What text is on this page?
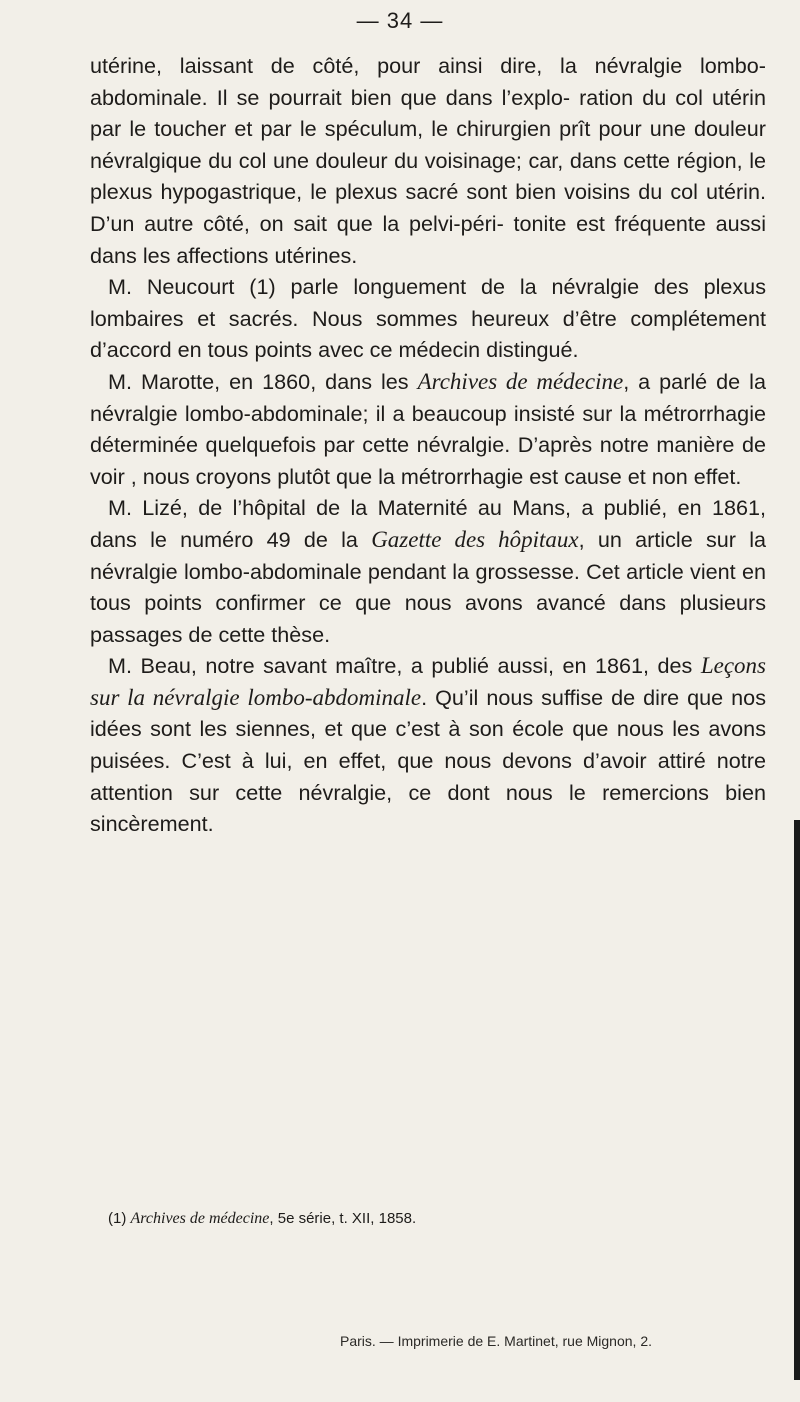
— 34 —

utérine, laissant de côté, pour ainsi dire, la névralgie lombo-abdominale. Il se pourrait bien que dans l’explo- ration du col utérin par le toucher et par le spéculum, le chirurgien prît pour une douleur névralgique du col une douleur du voisinage; car, dans cette région, le plexus hypogastrique, le plexus sacré sont bien voisins du col utérin. D’un autre côté, on sait que la pelvi-péri- tonite est fréquente aussi dans les affections utérines.

M. Neucourt (1) parle longuement de la névralgie des plexus lombaires et sacrés. Nous sommes heureux d’être complétement d’accord en tous points avec ce médecin distingué.

M. Marotte, en 1860, dans les Archives de médecine, a parlé de la névralgie lombo-abdominale; il a beaucoup insisté sur la métrorrhagie déterminée quelquefois par cette névralgie. D’après notre manière de voir , nous croyons plutôt que la métrorrhagie est cause et non effet.

M. Lizé, de l’hôpital de la Maternité au Mans, a publié, en 1861, dans le numéro 49 de la Gazette des hôpitaux, un article sur la névralgie lombo-abdominale pendant la grossesse. Cet article vient en tous points confirmer ce que nous avons avancé dans plusieurs passages de cette thèse.

M. Beau, notre savant maître, a publié aussi, en 1861, des Leçons sur la névralgie lombo-abdominale. Qu’il nous suffise de dire que nos idées sont les siennes, et que c’est à son école que nous les avons puisées. C’est à lui, en effet, que nous devons d’avoir attiré notre attention sur cette névralgie, ce dont nous le remercions bien sincèrement.

(1) Archives de médecine, 5e série, t. XII, 1858.
Paris. — Imprimerie de E. Martinet, rue Mignon, 2.
